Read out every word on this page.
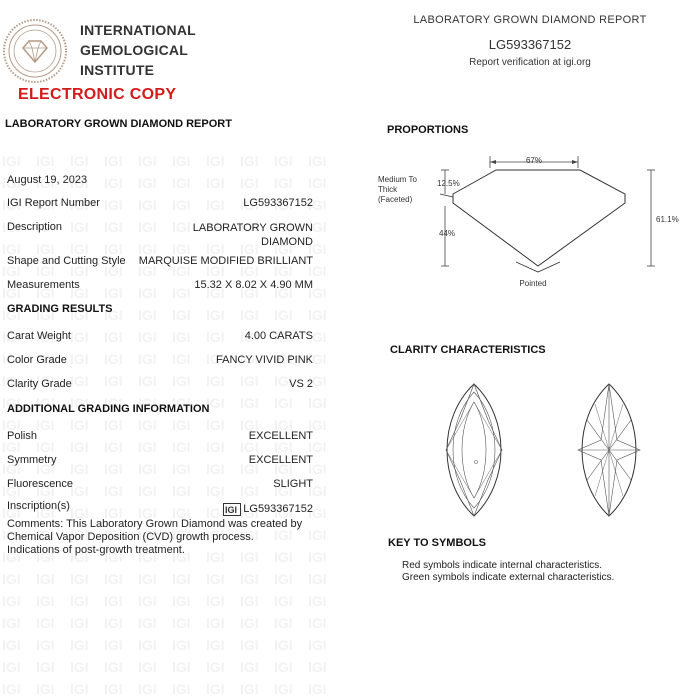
INTERNATIONAL
GEMOLOGICAL
INSTITUTE
ELECTRONIC COPY
LABORATORY GROWN DIAMOND REPORT
LABORATORY GROWN DIAMOND REPORT
LG593367152
Report verification at igi.org
August 19, 2023
IGI Report Number	LG593367152
Description	LABORATORY GROWN
DIAMOND
Shape and Cutting Style MARQUISE MODIFIED BRILLIANT
Measurements	15.32 X 8.02 X 4.90 MM
GRADING RESULTS
Carat Weight	4.00 CARATS
Color Grade	FANCY VIVID PINK
Clarity Grade	VS 2
ADDITIONAL GRADING INFORMATION
Polish	EXCELLENT
Symmetry	EXCELLENT
Fluorescence	SLIGHT
Inscription(s)	IGI LG593367152
Comments: This Laboratory Grown Diamond was created by Chemical Vapor Deposition (CVD) growth process.
Indications of post-growth treatment.
PROPORTIONS
67%
Medium To
Thick
(Faceted)
12.5%
44%
61.1%
Pointed
CLARITY CHARACTERISTICS
KEY TO SYMBOLS
Red symbols indicate internal characteristics.
Green symbols indicate external characteristics.
